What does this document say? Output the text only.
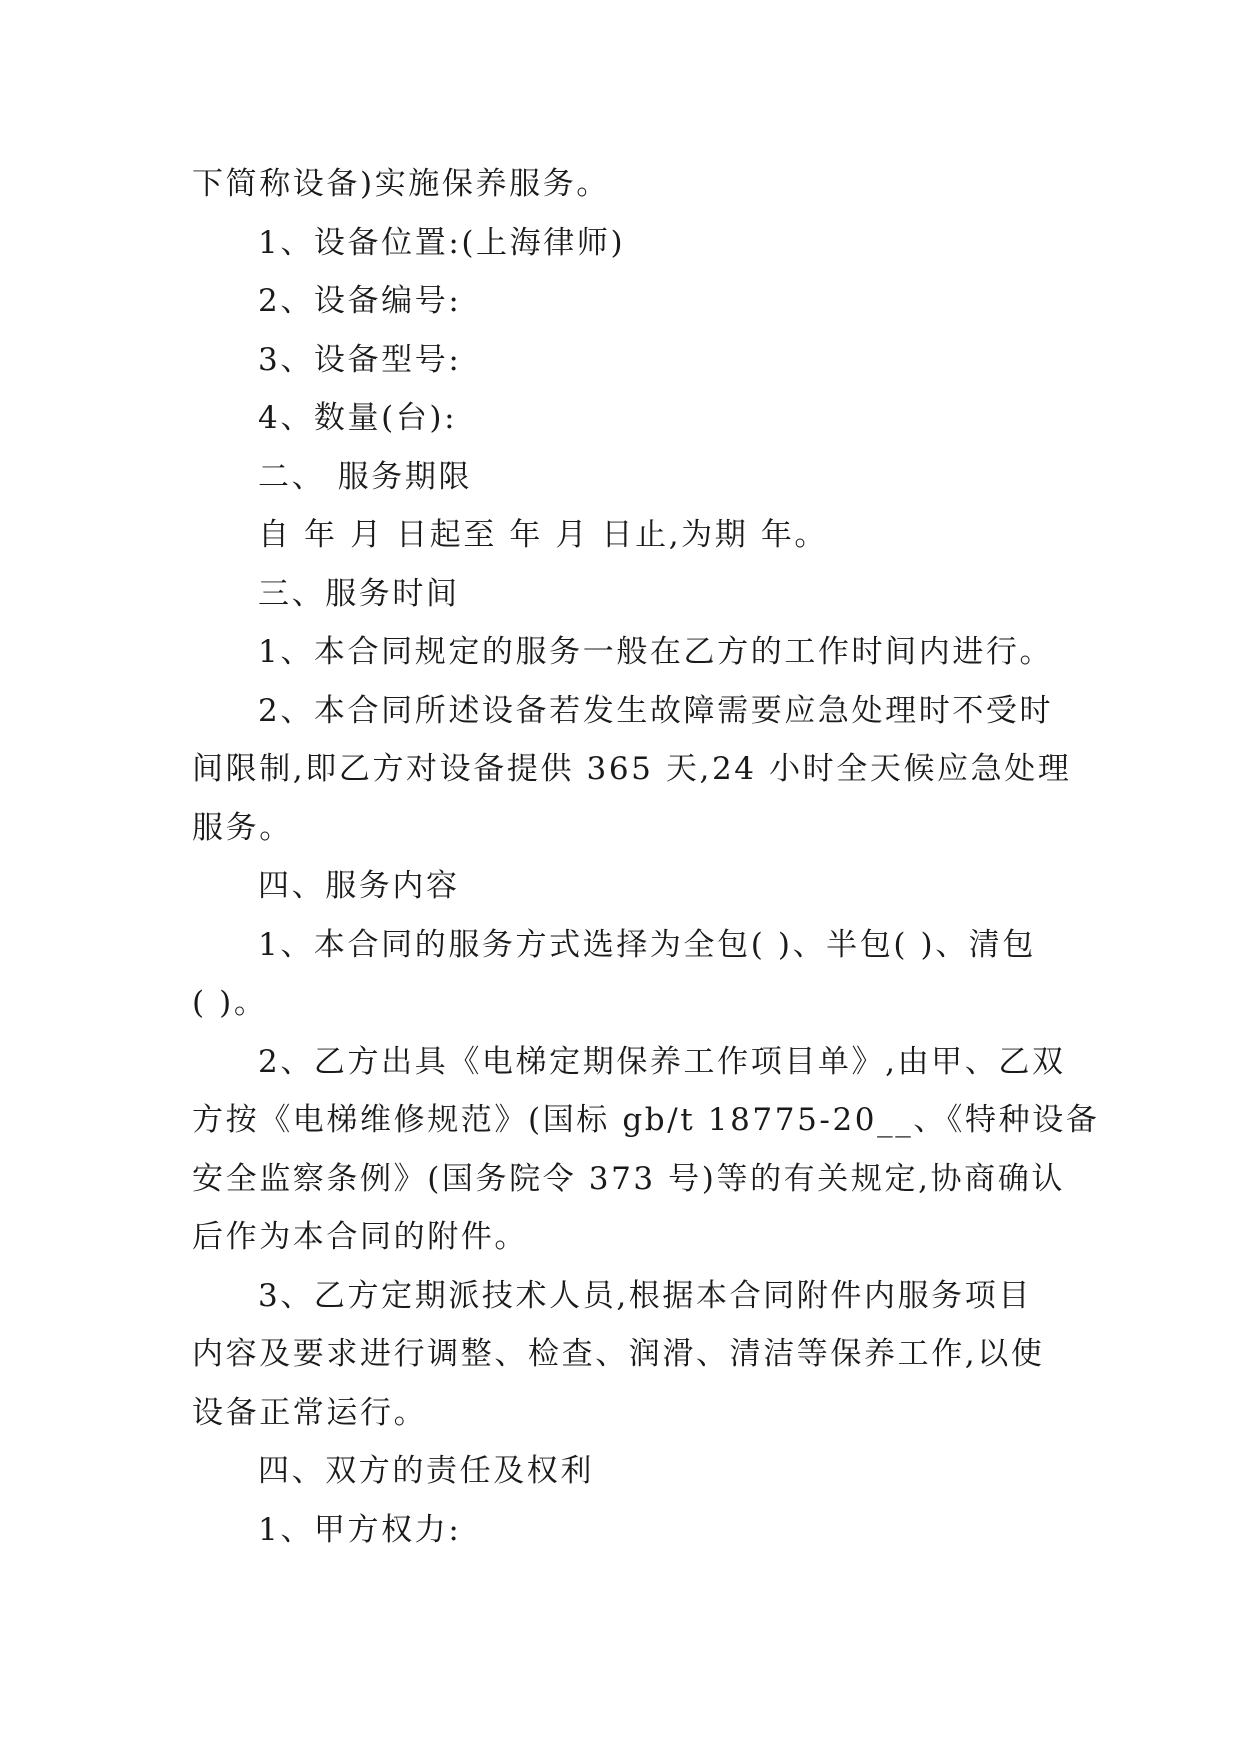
下简称设备)实施保养服务。
1、设备位置:(上海律师)
2、设备编号:
3、设备型号:
4、数量(台):
二、 服务期限
自 年 月 日起至 年 月 日止,为期 年。
三、服务时间
1、本合同规定的服务一般在乙方的工作时间内进行。
2、本合同所述设备若发生故障需要应急处理时不受时
间限制,即乙方对设备提供 365 天,24 小时全天候应急处理
服务。
四、服务内容
1、本合同的服务方式选择为全包( )、半包( )、清包
( )。
2、乙方出具《电梯定期保养工作项目单》,由甲、乙双
方按《电梯维修规范》(国标 gb/t 18775-20__、《特种设备
安全监察条例》(国务院令 373 号)等的有关规定,协商确认
后作为本合同的附件。
3、乙方定期派技术人员,根据本合同附件内服务项目
内容及要求进行调整、检查、润滑、清洁等保养工作,以使
设备正常运行。
四、双方的责任及权利
1、甲方权力:
